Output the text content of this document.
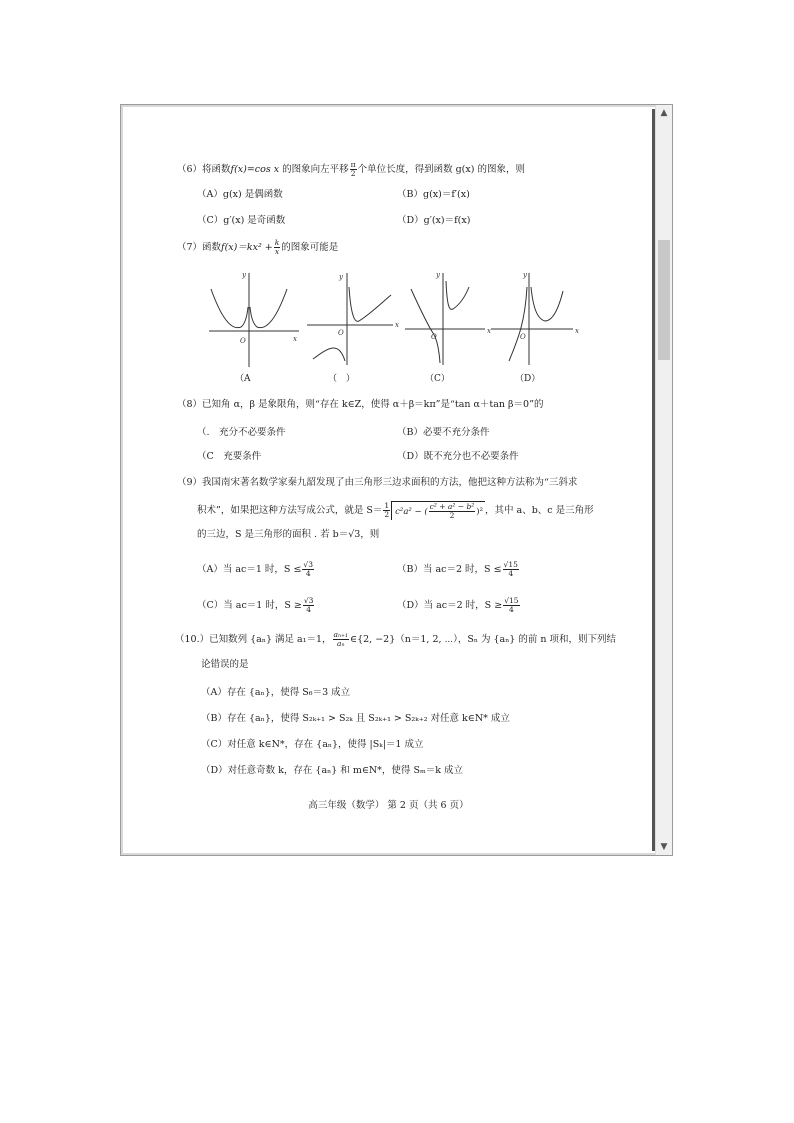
（6）将函数f(x)=cos x 的图象向左平移 $\frac{\pi}{2}$ 个单位长度，得到函数 g(x) 的图象，则
（A）g(x) 是偶函数	（B）g(x)＝f′(x)
（C）g′(x) 是奇函数	（D）g′(x)＝f(x)
（7）函数$f(x)=kx^2 + \frac{k}{x}$ 的图象可能是
y
x
O
y
x
O
y
x
O
y
x
O
（A	（　）	（C）	（D）
（8）已知角 α，β 是象限角，则“存在 k∈Z，使得 α＋β＝kπ”是“tan α＋tan β＝0”的
（.　充分不必要条件	（B）必要不充分条件
（C　充要条件	（D）既不充分也不必要条件
（9）我国南宋著名数学家秦九韶发现了由三角形三边求面积的方法，他把这种方法称为“三斜求
积术”，如果把这种方法写成公式，就是 $S= \frac{1}{2} c^2a^2$ − ( $\frac{\text{c² + a² − b²}}{2} )^2$ ，其中 a、b、c 是三角形
的三边，S 是三角形的面积 . 若 b＝√3，则
（A）当 ac＝1 时，$S \le \frac{√3}{4}$	（B）当 ac＝2 时，$S \le \frac{√15}{4}$
（C）当 ac＝1 时，$S \ge \frac{√3}{4}$	（D）当 ac＝2 时，$S \ge \frac{√15}{4}$
（10.）已知数列 {aₙ} 满足 a₁＝1， $\frac{\text{aₙ₊₁}}{\text{aₙ}}$ ∈{2, −2}（n＝1, 2, ⋯），Sₙ 为 {aₙ} 的前 n 项和，则下列结
论错误的是
（A）存在 {aₙ}，使得 S₆＝3 成立
（B）存在 {aₙ}，使得 S₂ₖ₊₁ > S₂ₖ 且 S₂ₖ₊₁ > S₂ₖ₊₂ 对任意 k∈N* 成立
（C）对任意 k∈N*，存在 {aₙ}，使得 |Sₖ|＝1 成立
（D）对任意奇数 k，存在 {aₙ} 和 m∈N*，使得 Sₘ＝k 成立
高三年级（数学） 第 2 页（共 6 页）
▲
▼
